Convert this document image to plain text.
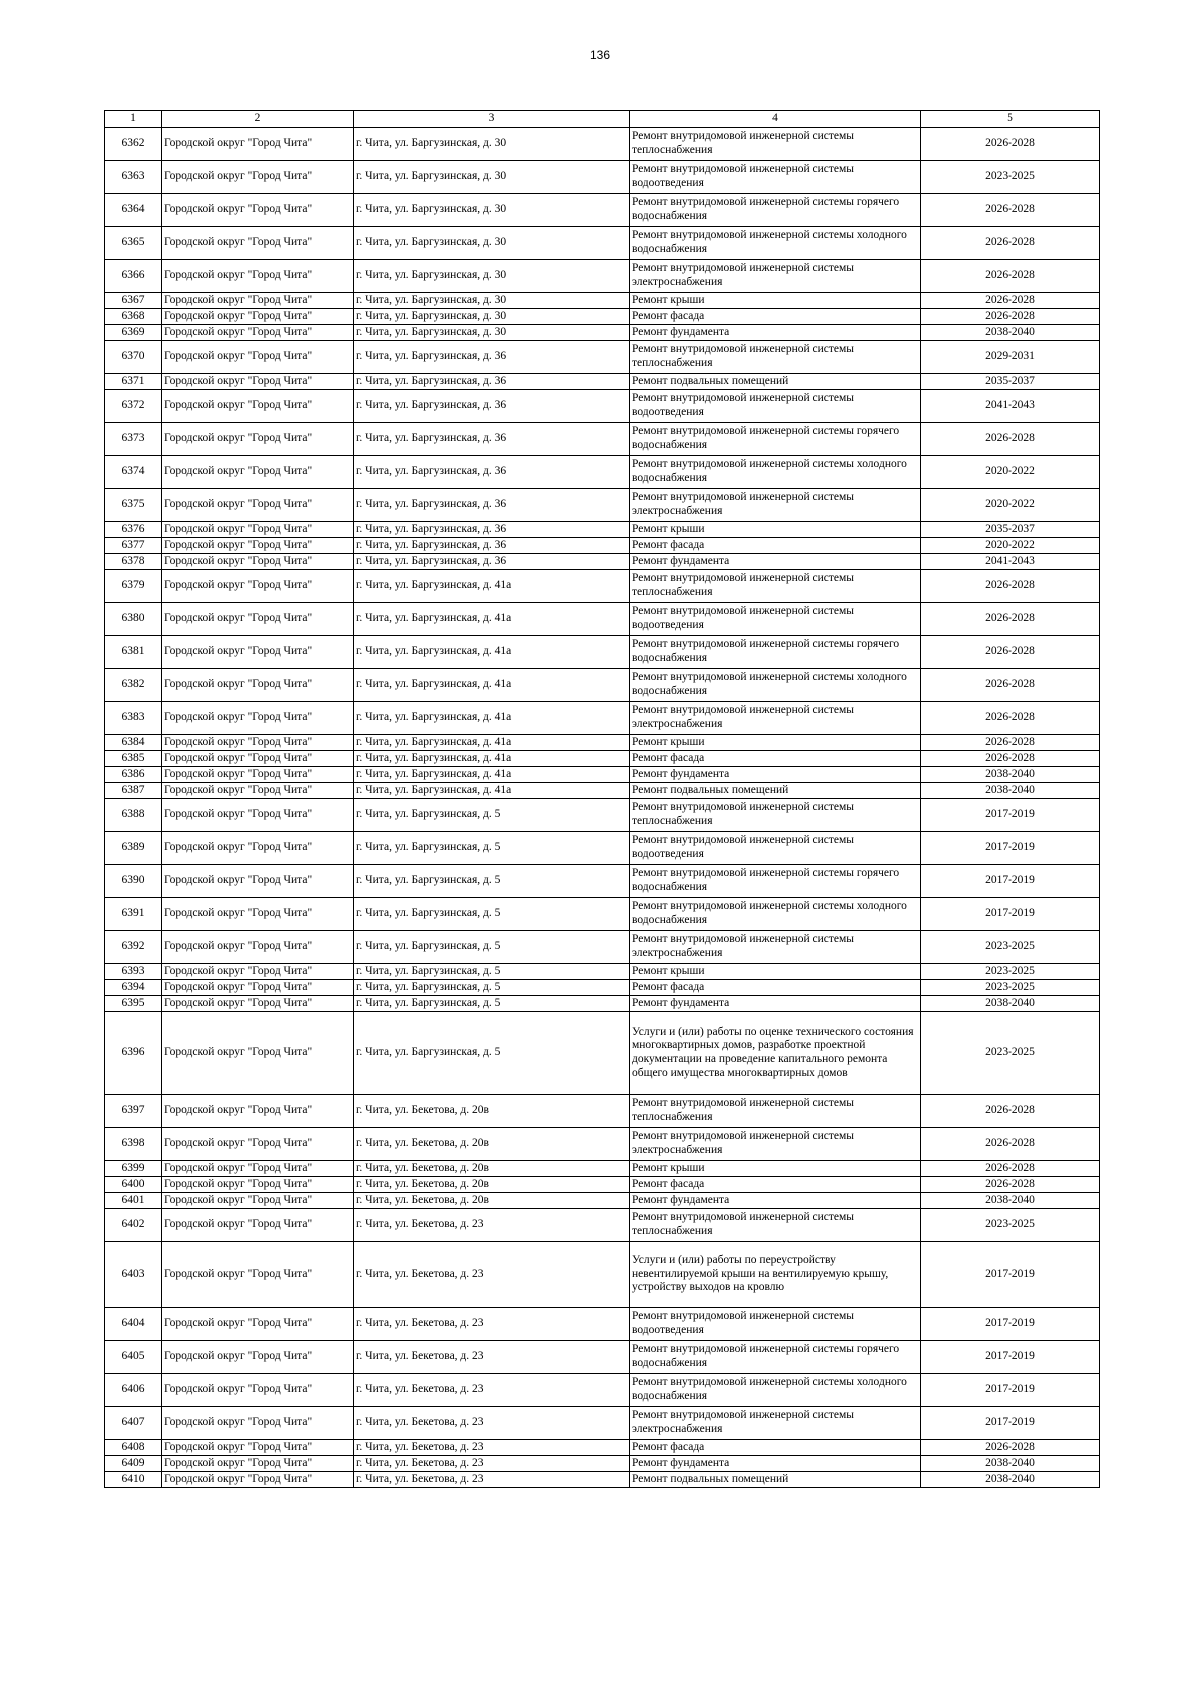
136
1	2	3	4	5
6362	Городской округ "Город Чита"	г. Чита, ул. Баргузинская, д. 30	Ремонт внутридомовой инженерной системы теплоснабжения	2026-2028
6363	Городской округ "Город Чита"	г. Чита, ул. Баргузинская, д. 30	Ремонт внутридомовой инженерной системы водоотведения	2023-2025
6364	Городской округ "Город Чита"	г. Чита, ул. Баргузинская, д. 30	Ремонт внутридомовой инженерной системы горячего водоснабжения	2026-2028
6365	Городской округ "Город Чита"	г. Чита, ул. Баргузинская, д. 30	Ремонт внутридомовой инженерной системы холодного водоснабжения	2026-2028
6366	Городской округ "Город Чита"	г. Чита, ул. Баргузинская, д. 30	Ремонт внутридомовой инженерной системы электроснабжения	2026-2028
6367	Городской округ "Город Чита"	г. Чита, ул. Баргузинская, д. 30	Ремонт крыши	2026-2028
6368	Городской округ "Город Чита"	г. Чита, ул. Баргузинская, д. 30	Ремонт фасада	2026-2028
6369	Городской округ "Город Чита"	г. Чита, ул. Баргузинская, д. 30	Ремонт фундамента	2038-2040
6370	Городской округ "Город Чита"	г. Чита, ул. Баргузинская, д. 36	Ремонт внутридомовой инженерной системы теплоснабжения	2029-2031
6371	Городской округ "Город Чита"	г. Чита, ул. Баргузинская, д. 36	Ремонт подвальных помещений	2035-2037
6372	Городской округ "Город Чита"	г. Чита, ул. Баргузинская, д. 36	Ремонт внутридомовой инженерной системы водоотведения	2041-2043
6373	Городской округ "Город Чита"	г. Чита, ул. Баргузинская, д. 36	Ремонт внутридомовой инженерной системы горячего водоснабжения	2026-2028
6374	Городской округ "Город Чита"	г. Чита, ул. Баргузинская, д. 36	Ремонт внутридомовой инженерной системы холодного водоснабжения	2020-2022
6375	Городской округ "Город Чита"	г. Чита, ул. Баргузинская, д. 36	Ремонт внутридомовой инженерной системы электроснабжения	2020-2022
6376	Городской округ "Город Чита"	г. Чита, ул. Баргузинская, д. 36	Ремонт крыши	2035-2037
6377	Городской округ "Город Чита"	г. Чита, ул. Баргузинская, д. 36	Ремонт фасада	2020-2022
6378	Городской округ "Город Чита"	г. Чита, ул. Баргузинская, д. 36	Ремонт фундамента	2041-2043
6379	Городской округ "Город Чита"	г. Чита, ул. Баргузинская, д. 41а	Ремонт внутридомовой инженерной системы теплоснабжения	2026-2028
6380	Городской округ "Город Чита"	г. Чита, ул. Баргузинская, д. 41а	Ремонт внутридомовой инженерной системы водоотведения	2026-2028
6381	Городской округ "Город Чита"	г. Чита, ул. Баргузинская, д. 41а	Ремонт внутридомовой инженерной системы горячего водоснабжения	2026-2028
6382	Городской округ "Город Чита"	г. Чита, ул. Баргузинская, д. 41а	Ремонт внутридомовой инженерной системы холодного водоснабжения	2026-2028
6383	Городской округ "Город Чита"	г. Чита, ул. Баргузинская, д. 41а	Ремонт внутридомовой инженерной системы электроснабжения	2026-2028
6384	Городской округ "Город Чита"	г. Чита, ул. Баргузинская, д. 41а	Ремонт крыши	2026-2028
6385	Городской округ "Город Чита"	г. Чита, ул. Баргузинская, д. 41а	Ремонт фасада	2026-2028
6386	Городской округ "Город Чита"	г. Чита, ул. Баргузинская, д. 41а	Ремонт фундамента	2038-2040
6387	Городской округ "Город Чита"	г. Чита, ул. Баргузинская, д. 41а	Ремонт подвальных помещений	2038-2040
6388	Городской округ "Город Чита"	г. Чита, ул. Баргузинская, д. 5	Ремонт внутридомовой инженерной системы теплоснабжения	2017-2019
6389	Городской округ "Город Чита"	г. Чита, ул. Баргузинская, д. 5	Ремонт внутридомовой инженерной системы водоотведения	2017-2019
6390	Городской округ "Город Чита"	г. Чита, ул. Баргузинская, д. 5	Ремонт внутридомовой инженерной системы горячего водоснабжения	2017-2019
6391	Городской округ "Город Чита"	г. Чита, ул. Баргузинская, д. 5	Ремонт внутридомовой инженерной системы холодного водоснабжения	2017-2019
6392	Городской округ "Город Чита"	г. Чита, ул. Баргузинская, д. 5	Ремонт внутридомовой инженерной системы электроснабжения	2023-2025
6393	Городской округ "Город Чита"	г. Чита, ул. Баргузинская, д. 5	Ремонт крыши	2023-2025
6394	Городской округ "Город Чита"	г. Чита, ул. Баргузинская, д. 5	Ремонт фасада	2023-2025
6395	Городской округ "Город Чита"	г. Чита, ул. Баргузинская, д. 5	Ремонт фундамента	2038-2040
6396	Городской округ "Город Чита"	г. Чита, ул. Баргузинская, д. 5	Услуги и (или) работы по оценке технического состояния многоквартирных домов, разработке проектной документации на проведение капитального ремонта общего имущества многоквартирных домов	2023-2025
6397	Городской округ "Город Чита"	г. Чита, ул. Бекетова, д. 20в	Ремонт внутридомовой инженерной системы теплоснабжения	2026-2028
6398	Городской округ "Город Чита"	г. Чита, ул. Бекетова, д. 20в	Ремонт внутридомовой инженерной системы электроснабжения	2026-2028
6399	Городской округ "Город Чита"	г. Чита, ул. Бекетова, д. 20в	Ремонт крыши	2026-2028
6400	Городской округ "Город Чита"	г. Чита, ул. Бекетова, д. 20в	Ремонт фасада	2026-2028
6401	Городской округ "Город Чита"	г. Чита, ул. Бекетова, д. 20в	Ремонт фундамента	2038-2040
6402	Городской округ "Город Чита"	г. Чита, ул. Бекетова, д. 23	Ремонт внутридомовой инженерной системы теплоснабжения	2023-2025
6403	Городской округ "Город Чита"	г. Чита, ул. Бекетова, д. 23	Услуги и (или) работы по переустройству невентилируемой крыши на вентилируемую крышу, устройству выходов на кровлю	2017-2019
6404	Городской округ "Город Чита"	г. Чита, ул. Бекетова, д. 23	Ремонт внутридомовой инженерной системы водоотведения	2017-2019
6405	Городской округ "Город Чита"	г. Чита, ул. Бекетова, д. 23	Ремонт внутридомовой инженерной системы горячего водоснабжения	2017-2019
6406	Городской округ "Город Чита"	г. Чита, ул. Бекетова, д. 23	Ремонт внутридомовой инженерной системы холодного водоснабжения	2017-2019
6407	Городской округ "Город Чита"	г. Чита, ул. Бекетова, д. 23	Ремонт внутридомовой инженерной системы электроснабжения	2017-2019
6408	Городской округ "Город Чита"	г. Чита, ул. Бекетова, д. 23	Ремонт фасада	2026-2028
6409	Городской округ "Город Чита"	г. Чита, ул. Бекетова, д. 23	Ремонт фундамента	2038-2040
6410	Городской округ "Город Чита"	г. Чита, ул. Бекетова, д. 23	Ремонт подвальных помещений	2038-2040
